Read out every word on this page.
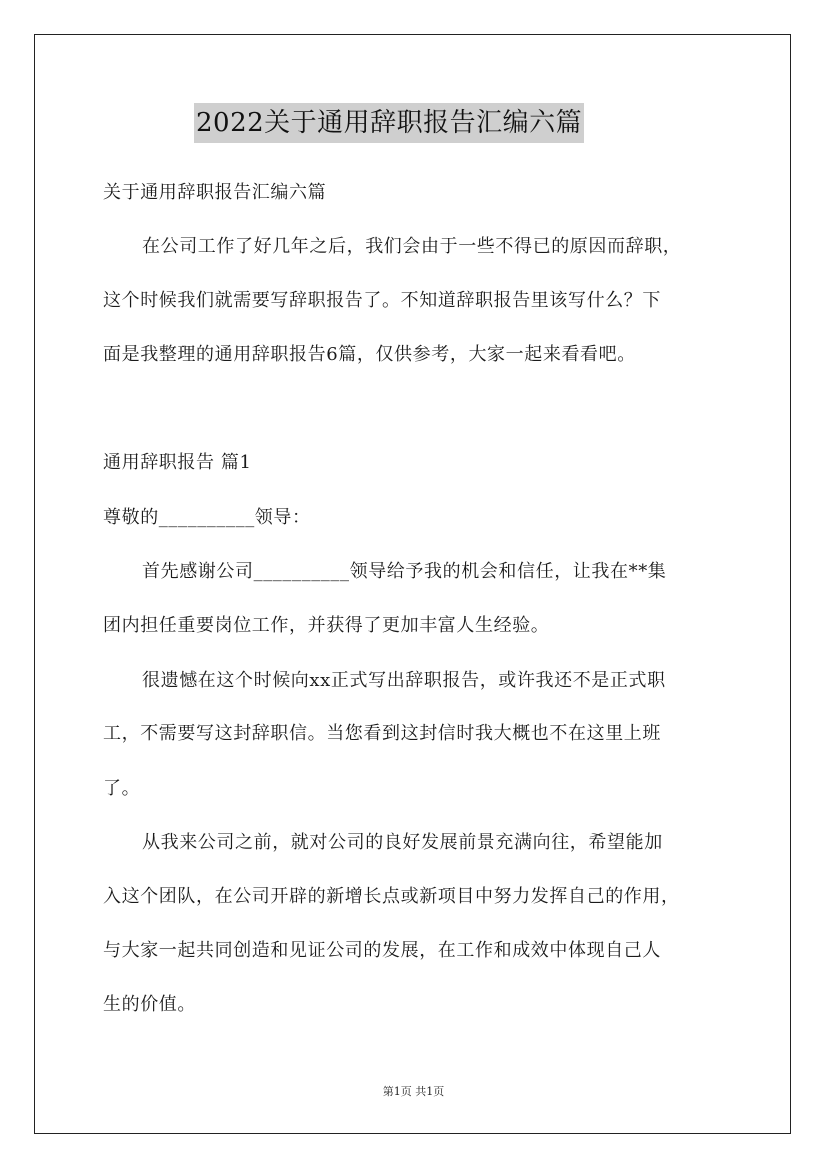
2022关于通用辞职报告汇编六篇
关于通用辞职报告汇编六篇
在公司工作了好几年之后，我们会由于一些不得已的原因而辞职，
这个时候我们就需要写辞职报告了。不知道辞职报告里该写什么？下
面是我整理的通用辞职报告6篇，仅供参考，大家一起来看看吧。
通用辞职报告 篇1
尊敬的__________领导：
首先感谢公司__________领导给予我的机会和信任，让我在**集
团内担任重要岗位工作，并获得了更加丰富人生经验。
很遗憾在这个时候向xx正式写出辞职报告，或许我还不是正式职
工，不需要写这封辞职信。当您看到这封信时我大概也不在这里上班
了。
从我来公司之前，就对公司的良好发展前景充满向往，希望能加
入这个团队，在公司开辟的新增长点或新项目中努力发挥自己的作用，
与大家一起共同创造和见证公司的发展，在工作和成效中体现自己人
生的价值。
第1页 共1页
